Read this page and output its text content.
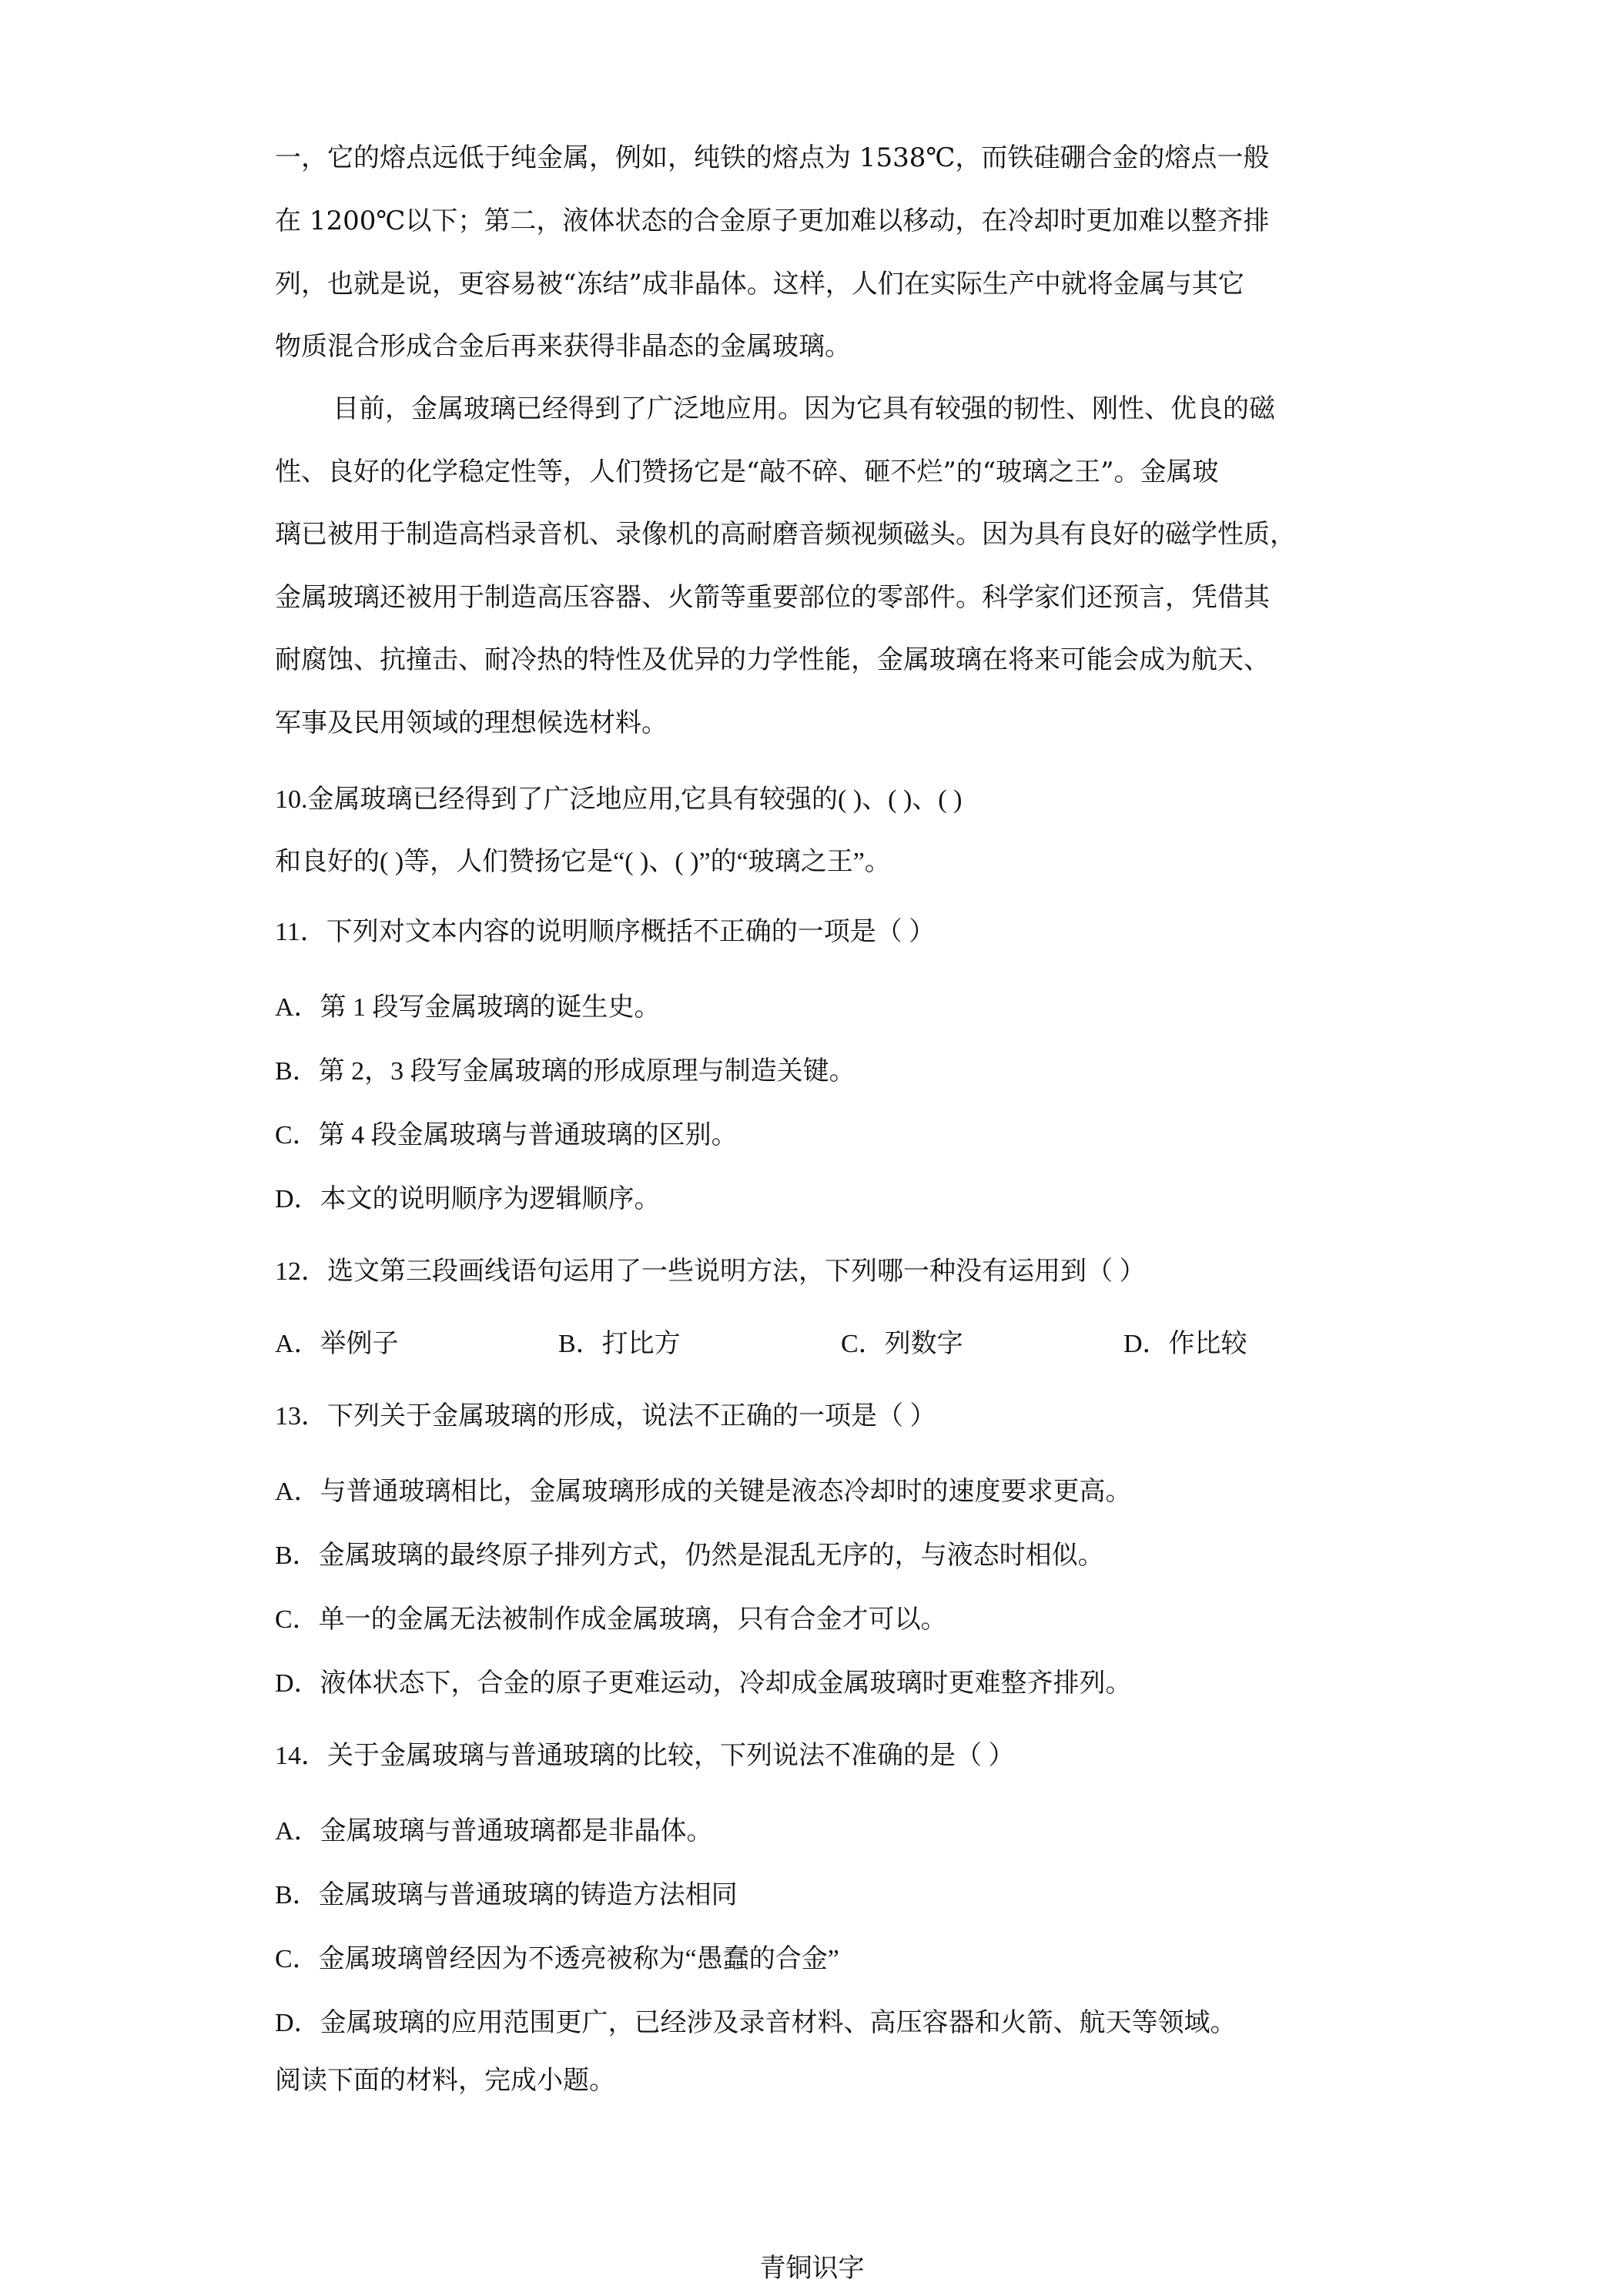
一，它的熔点远低于纯金属，例如，纯铁的熔点为 1538℃，而铁硅硼合金的熔点一般
在 1200℃以下；第二，液体状态的合金原子更加难以移动，在冷却时更加难以整齐排
列，也就是说，更容易被“冻结”成非晶体。这样，人们在实际生产中就将金属与其它
物质混合形成合金后再来获得非晶态的金属玻璃。
目前，金属玻璃已经得到了广泛地应用。因为它具有较强的韧性、刚性、优良的磁
性、良好的化学稳定性等，人们赞扬它是“敲不碎、砸不烂”的“玻璃之王”。金属玻
璃已被用于制造高档录音机、录像机的高耐磨音频视频磁头。因为具有良好的磁学性质，
金属玻璃还被用于制造高压容器、火箭等重要部位的零部件。科学家们还预言，凭借其
耐腐蚀、抗撞击、耐冷热的特性及优异的力学性能，金属玻璃在将来可能会成为航天、
军事及民用领域的理想候选材料。
10.金属玻璃已经得到了广泛地应用,它具有较强的( )、( )、( )
和良好的( )等，人们赞扬它是“( )、( )”的“玻璃之王”。
11．下列对文本内容的说明顺序概括不正确的一项是（ ）
A．第 1 段写金属玻璃的诞生史。
B．第 2，3 段写金属玻璃的形成原理与制造关键。
C．第 4 段金属玻璃与普通玻璃的区别。
D．本文的说明顺序为逻辑顺序。
12．选文第三段画线语句运用了一些说明方法，下列哪一种没有运用到（ ）
A．举例子	B．打比方	C．列数字	D．作比较
13．下列关于金属玻璃的形成，说法不正确的一项是（ ）
A．与普通玻璃相比，金属玻璃形成的关键是液态冷却时的速度要求更高。
B．金属玻璃的最终原子排列方式，仍然是混乱无序的，与液态时相似。
C．单一的金属无法被制作成金属玻璃，只有合金才可以。
D．液体状态下，合金的原子更难运动，冷却成金属玻璃时更难整齐排列。
14．关于金属玻璃与普通玻璃的比较，下列说法不准确的是（ ）
A．金属玻璃与普通玻璃都是非晶体。
B．金属玻璃与普通玻璃的铸造方法相同
C．金属玻璃曾经因为不透亮被称为“愚蠢的合金”
D．金属玻璃的应用范围更广，已经涉及录音材料、高压容器和火箭、航天等领域。
阅读下面的材料，完成小题。
青铜识字
